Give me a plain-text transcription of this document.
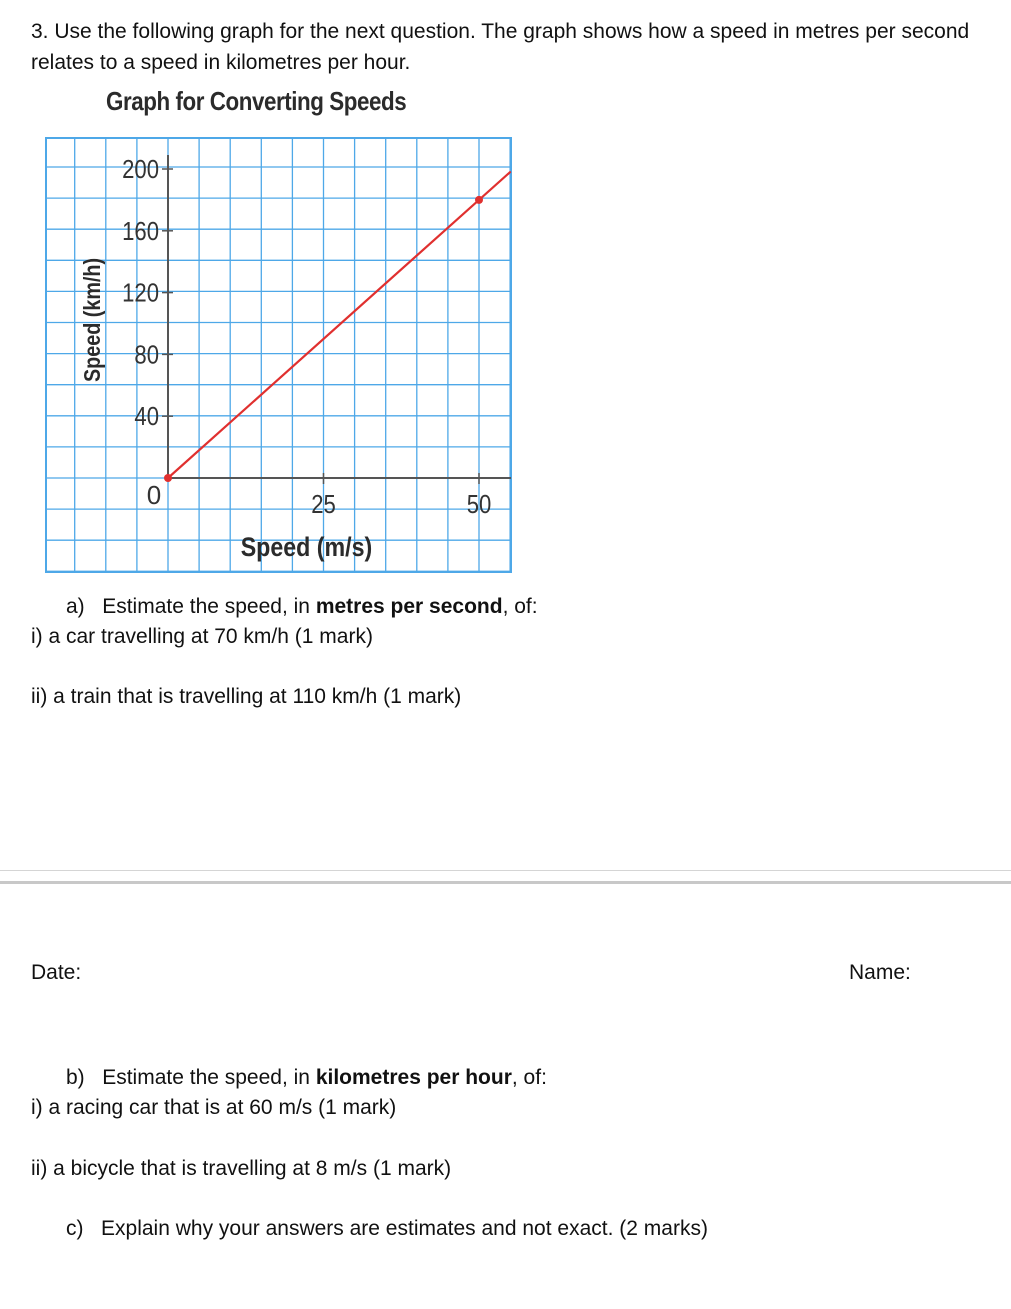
3. Use the following graph for the next question. The graph shows how a speed in metres per second relates to a speed in kilometres per hour.
Graph for Converting Speeds
40
80
120
160
200
25	50
0
Speed (m/s)
Speed (km/h)
a) Estimate the speed, in metres per second, of:
i) a car travelling at 70 km/h (1 mark)
ii) a train that is travelling at 110 km/h (1 mark)
Date:	Name:
b) Estimate the speed, in kilometres per hour, of:
i) a racing car that is at 60 m/s (1 mark)
ii) a bicycle that is travelling at 8 m/s (1 mark)
c) Explain why your answers are estimates and not exact. (2 marks)
